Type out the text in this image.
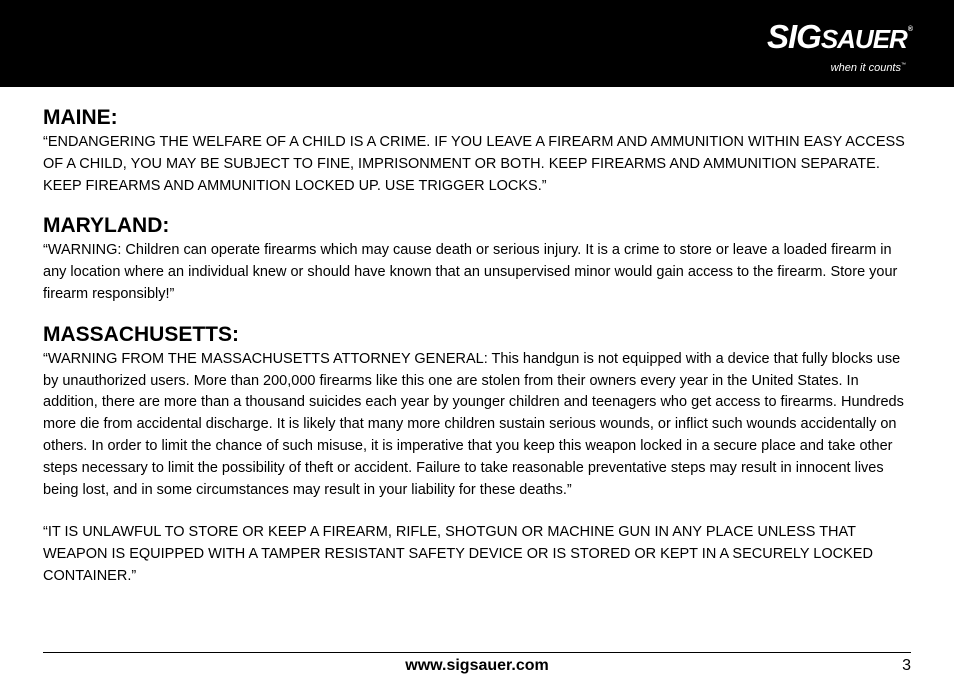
SIGSAUER®
when it counts™
MAINE:

“ENDANGERING THE WELFARE OF A CHILD IS A CRIME. IF YOU LEAVE A FIREARM AND AMMUNITION WITHIN EASY ACCESS OF A CHILD, YOU MAY BE SUBJECT TO FINE, IMPRISONMENT OR BOTH. KEEP FIREARMS AND AMMUNITION SEPARATE. KEEP FIREARMS AND AMMUNITION LOCKED UP. USE TRIGGER LOCKS.”

MARYLAND:

“WARNING: Children can operate firearms which may cause death or serious injury. It is a crime to store or leave a loaded firearm in any location where an individual knew or should have known that an unsupervised minor would gain access to the firearm. Store your firearm responsibly!”

MASSACHUSETTS:

“WARNING FROM THE MASSACHUSETTS ATTORNEY GENERAL: This handgun is not equipped with a device that fully blocks use by unauthorized users. More than 200,000 firearms like this one are stolen from their owners every year in the United States. In addition, there are more than a thousand suicides each year by younger children and teenagers who get access to firearms. Hundreds more die from accidental discharge. It is likely that many more children sustain serious wounds, or inflict such wounds accidentally on others. In order to limit the chance of such misuse, it is imperative that you keep this weapon locked in a secure place and take other steps necessary to limit the possibility of theft or accident. Failure to take reasonable preventative steps may result in innocent lives being lost, and in some circumstances may result in your liability for these deaths.”

“IT IS UNLAWFUL TO STORE OR KEEP A FIREARM, RIFLE, SHOTGUN OR MACHINE GUN IN ANY PLACE UNLESS THAT WEAPON IS EQUIPPED WITH A TAMPER RESISTANT SAFETY DEVICE OR IS STORED OR KEPT IN A SECURELY LOCKED CONTAINER.”

www.sigsauer.com	3
